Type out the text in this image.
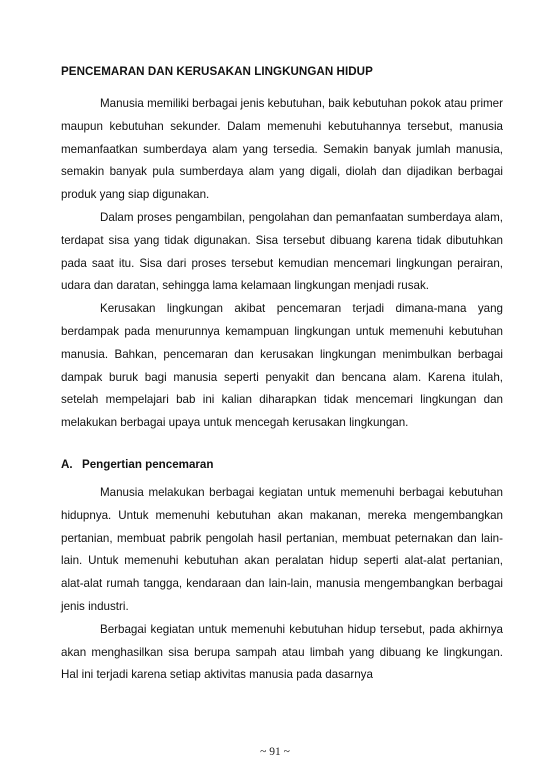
PENCEMARAN DAN KERUSAKAN LINGKUNGAN HIDUP

Manusia memiliki berbagai jenis kebutuhan, baik kebutuhan pokok atau primer maupun kebutuhan sekunder. Dalam memenuhi kebutuhannya tersebut, manusia memanfaatkan sumberdaya alam yang tersedia. Semakin banyak jumlah manusia, semakin banyak pula sumberdaya alam yang digali, diolah dan dijadikan berbagai produk yang siap digunakan.

Dalam proses pengambilan, pengolahan dan pemanfaatan sumberdaya alam, terdapat sisa yang tidak digunakan. Sisa tersebut dibuang karena tidak dibutuhkan pada saat itu. Sisa dari proses tersebut kemudian mencemari lingkungan perairan, udara dan daratan, sehingga lama kelamaan lingkungan menjadi rusak.

Kerusakan lingkungan akibat pencemaran terjadi dimana-mana yang berdampak pada menurunnya kemampuan lingkungan untuk memenuhi kebutuhan manusia. Bahkan, pencemaran dan kerusakan lingkungan menimbulkan berbagai dampak buruk bagi manusia seperti penyakit dan bencana alam. Karena itulah, setelah mempelajari bab ini kalian diharapkan tidak mencemari lingkungan dan melakukan berbagai upaya untuk mencegah kerusakan lingkungan.

A. Pengertian pencemaran

Manusia melakukan berbagai kegiatan untuk memenuhi berbagai kebutuhan hidupnya. Untuk memenuhi kebutuhan akan makanan, mereka mengembangkan pertanian, membuat pabrik pengolah hasil pertanian, membuat peternakan dan lain-lain. Untuk memenuhi kebutuhan akan peralatan hidup seperti alat-alat pertanian, alat-alat rumah tangga, kendaraan dan lain-lain, manusia mengembangkan berbagai jenis industri.

Berbagai kegiatan untuk memenuhi kebutuhan hidup tersebut, pada akhirnya akan menghasilkan sisa berupa sampah atau limbah yang dibuang ke lingkungan. Hal ini terjadi karena setiap aktivitas manusia pada dasarnya

~ 91 ~
